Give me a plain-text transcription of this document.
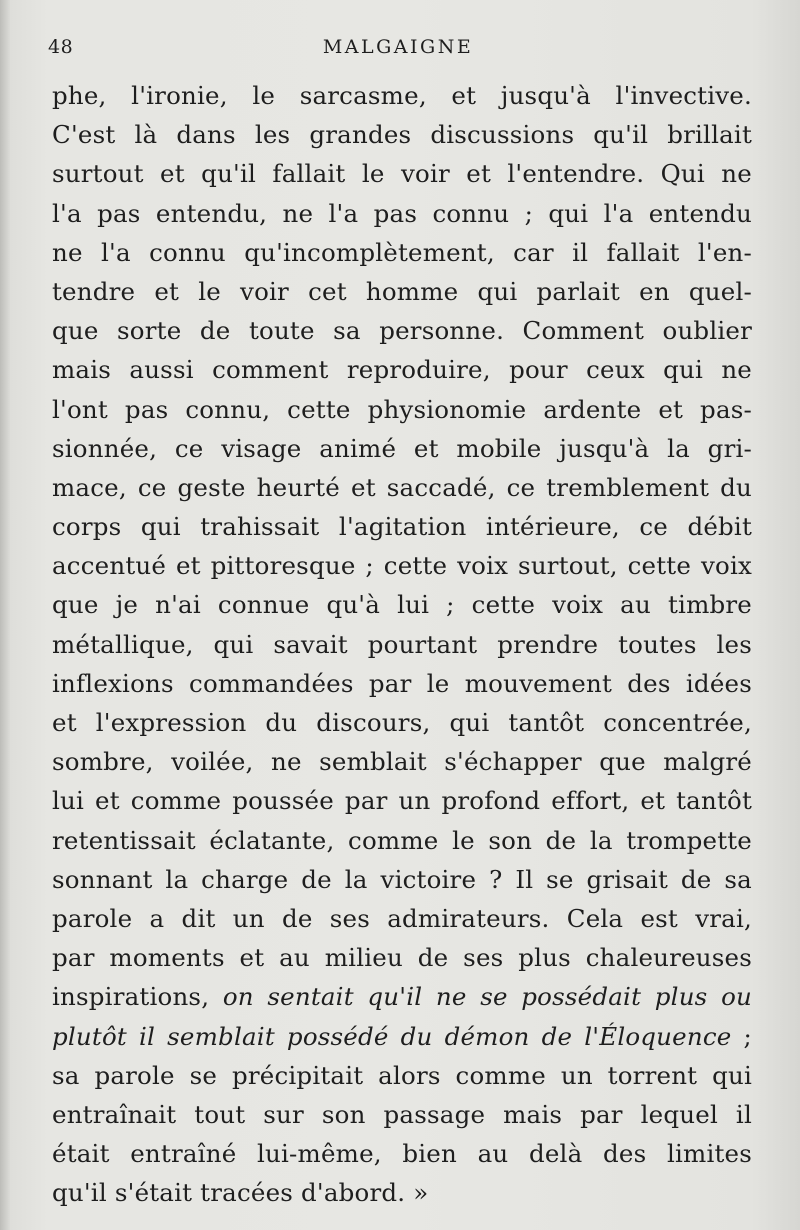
48	MALGAIGNE
phe, l'ironie, le sarcasme, et jusqu'à l'invective.
C'est là dans les grandes discussions qu'il brillait
surtout et qu'il fallait le voir et l'entendre. Qui ne
l'a pas entendu, ne l'a pas connu ; qui l'a entendu
ne l'a connu qu'incomplètement, car il fallait l'en-
tendre et le voir cet homme qui parlait en quel-
que sorte de toute sa personne. Comment oublier
mais aussi comment reproduire, pour ceux qui ne
l'ont pas connu, cette physionomie ardente et pas-
sionnée, ce visage animé et mobile jusqu'à la gri-
mace, ce geste heurté et saccadé, ce tremblement du
corps qui trahissait l'agitation intérieure, ce débit
accentué et pittoresque ; cette voix surtout, cette voix
que je n'ai connue qu'à lui ; cette voix au timbre
métallique, qui savait pourtant prendre toutes les
inflexions commandées par le mouvement des idées
et l'expression du discours, qui tantôt concentrée,
sombre, voilée, ne semblait s'échapper que malgré
lui et comme poussée par un profond effort, et tantôt
retentissait éclatante, comme le son de la trompette
sonnant la charge de la victoire ? Il se grisait de sa
parole a dit un de ses admirateurs. Cela est vrai,
par moments et au milieu de ses plus chaleureuses
inspirations, on sentait qu'il ne se possédait plus ou
plutôt il semblait possédé du démon de l'Éloquence ;
sa parole se précipitait alors comme un torrent qui
entraînait tout sur son passage mais par lequel il
était entraîné lui-même, bien au delà des limites
qu'il s'était tracées d'abord. »
